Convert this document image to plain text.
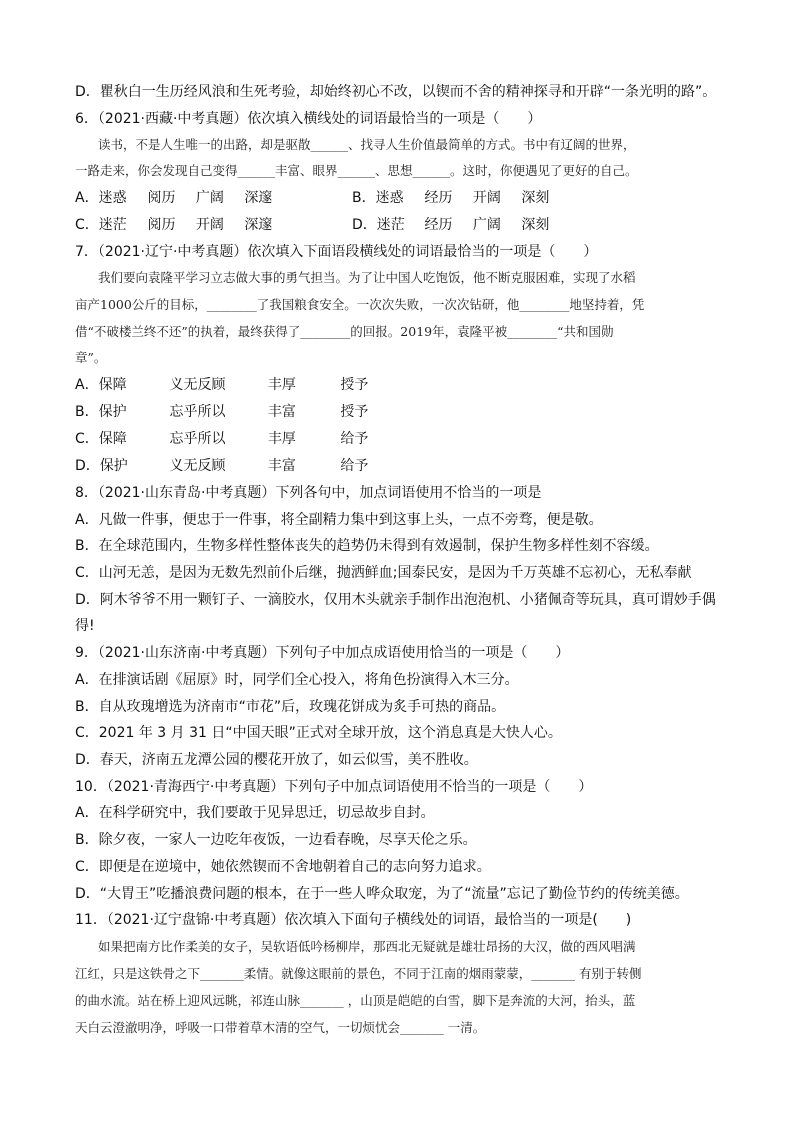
D．瞿秋白一生历经风浪和生死考验，却始终初心不改，以锲而不舍的精神探寻和开辟“一条光明的路”。
6．（2021·西藏·中考真题）依次填入横线处的词语最恰当的一项是（　　）
读书，不是人生唯一的出路，却是驱散______、找寻人生价值最简单的方式。书中有辽阔的世界，
一路走来，你会发现自己变得______丰富、眼界______、思想______。这时，你便遇见了更好的自己。
A．迷惑 阅历 广阔 深邃	B．迷惑 经历 开阔 深刻
C．迷茫 阅历 开阔 深邃	D．迷茫 经历 广阔 深刻
7．（2021·辽宁·中考真题）依次填入下面语段横线处的词语最恰当的一项是（　　）
我们要向袁隆平学习立志做大事的勇气担当。为了让中国人吃饱饭，他不断克服困难，实现了水稻
亩产1000公斤的目标，________了我国粮食安全。一次次失败，一次次钻研，他________地坚持着，凭
借“不破楼兰终不还”的执着，最终获得了________的回报。2019年，袁隆平被________“共和国勋
章”。
A．保障	义无反顾	丰厚	授予
B．保护	忘乎所以	丰富	授予
C．保障	忘乎所以	丰厚	给予
D．保护	义无反顾	丰富	给予
8．（2021·山东青岛·中考真题）下列各句中，加点词语使用不恰当的一项是
A．凡做一件事，便忠于一件事，将全副精力集中到这事上头，一点不旁骛，便是敬。
B．在全球范围内，生物多样性整体丧失的趋势仍未得到有效遏制，保护生物多样性刻不容缓。
C．山河无恙，是因为无数先烈前仆后继，抛洒鲜血;国泰民安，是因为千万英雄不忘初心，无私奉献
D．阿木爷爷不用一颗钉子、一滴胶水，仅用木头就亲手制作出泡泡机、小猪佩奇等玩具，真可谓妙手偶
得!
9．（2021·山东济南·中考真题）下列句子中加点成语使用恰当的一项是（　　）
A．在排演话剧《屈原》时，同学们全心投入，将角色扮演得入木三分。
B．自从玫瑰增选为济南市“市花”后，玫瑰花饼成为炙手可热的商品。
C．2021 年 3 月 31 日“中国天眼”正式对全球开放，这个消息真是大快人心。
D．春天，济南五龙潭公园的樱花开放了，如云似雪，美不胜收。
10．（2021·青海西宁·中考真题）下列句子中加点词语使用不恰当的一项是（　　）
A．在科学研究中，我们要敢于见异思迁，切忌故步自封。
B．除夕夜，一家人一边吃年夜饭，一边看春晚，尽享天伦之乐。
C．即便是在逆境中，她依然锲而不舍地朝着自己的志向努力追求。
D．“大胃王”吃播浪费问题的根本，在于一些人哗众取宠，为了“流量”忘记了勤俭节约的传统美德。
11．（2021·辽宁盘锦·中考真题）依次填入下面句子横线处的词语，最恰当的一项是(　　)
如果把南方比作柔美的女子，吴软语低吟杨柳岸，那西北无疑就是雄壮昂扬的大汉，做的西风唱满
江红，只是这铁骨之下_______柔情。就像这眼前的景色，不同于江南的烟雨蒙蒙，_______ 有别于转侧
的曲水流。站在桥上迎风远眺，祁连山脉_______ ，山顶是皑皑的白雪，脚下是奔流的大河，抬头，蓝
天白云澄澈明净，呼吸一口带着草木清的空气，一切烦忧会_______ 一清。
